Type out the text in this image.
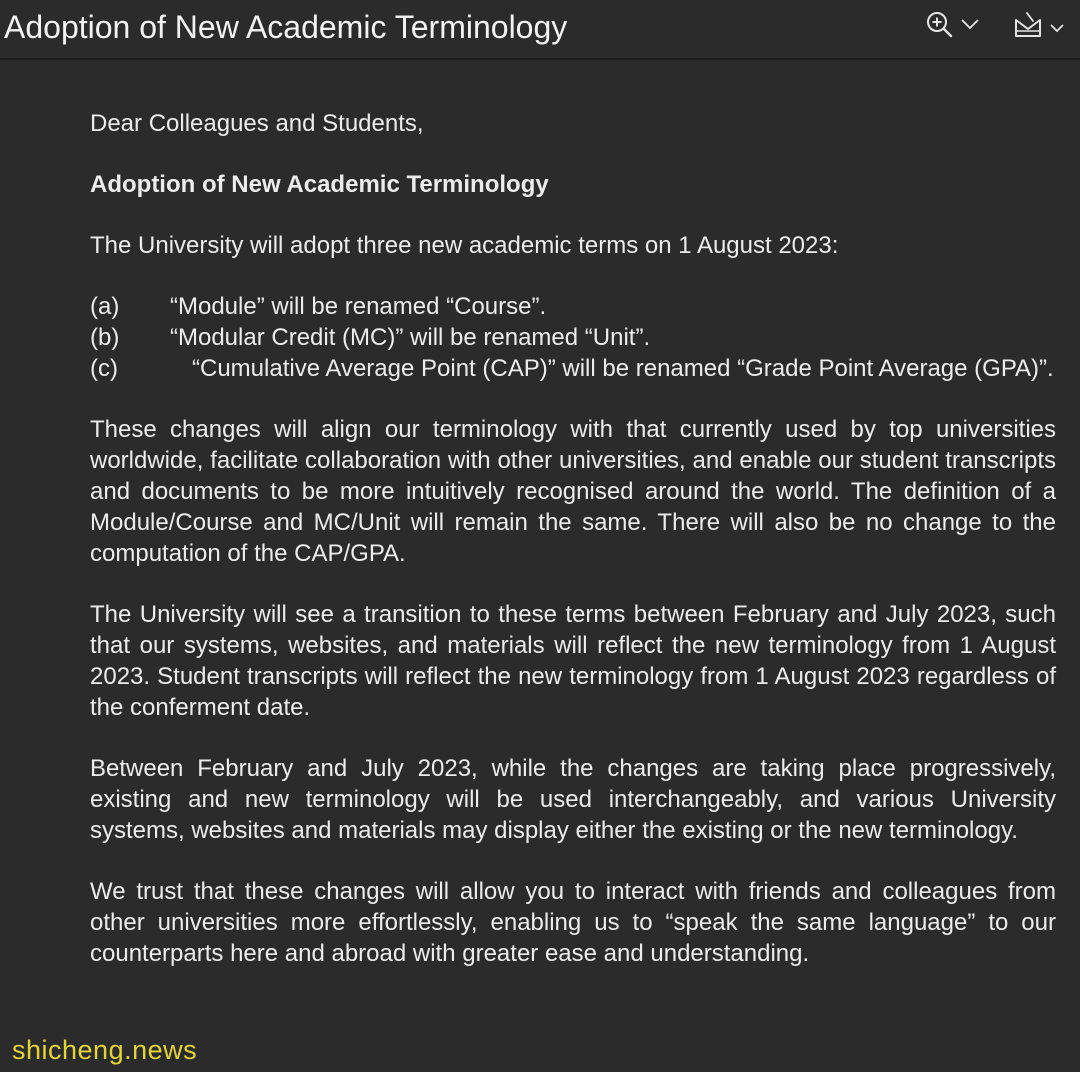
Adoption of New Academic Terminology

Dear Colleagues and Students,

Adoption of New Academic Terminology

The University will adopt three new academic terms on 1 August 2023:

(a)	“Module” will be renamed “Course”.
(b)	“Modular Credit (MC)” will be renamed “Unit”.
(c)	“Cumulative Average Point (CAP)” will be renamed “Grade Point Average (GPA)”.

These changes will align our terminology with that currently used by top universities worldwide, facilitate collaboration with other universities, and enable our student transcripts and documents to be more intuitively recognised around the world. The definition of a Module/Course and MC/Unit will remain the same. There will also be no change to the computation of the CAP/GPA.

The University will see a transition to these terms between February and July 2023, such that our systems, websites, and materials will reflect the new terminology from 1 August 2023. Student transcripts will reflect the new terminology from 1 August 2023 regardless of the conferment date.

Between February and July 2023, while the changes are taking place progressively, existing and new terminology will be used interchangeably, and various University systems, websites and materials may display either the existing or the new terminology.

We trust that these changes will allow you to interact with friends and colleagues from other universities more effortlessly, enabling us to “speak the same language” to our counterparts here and abroad with greater ease and understanding.

shicheng.news
